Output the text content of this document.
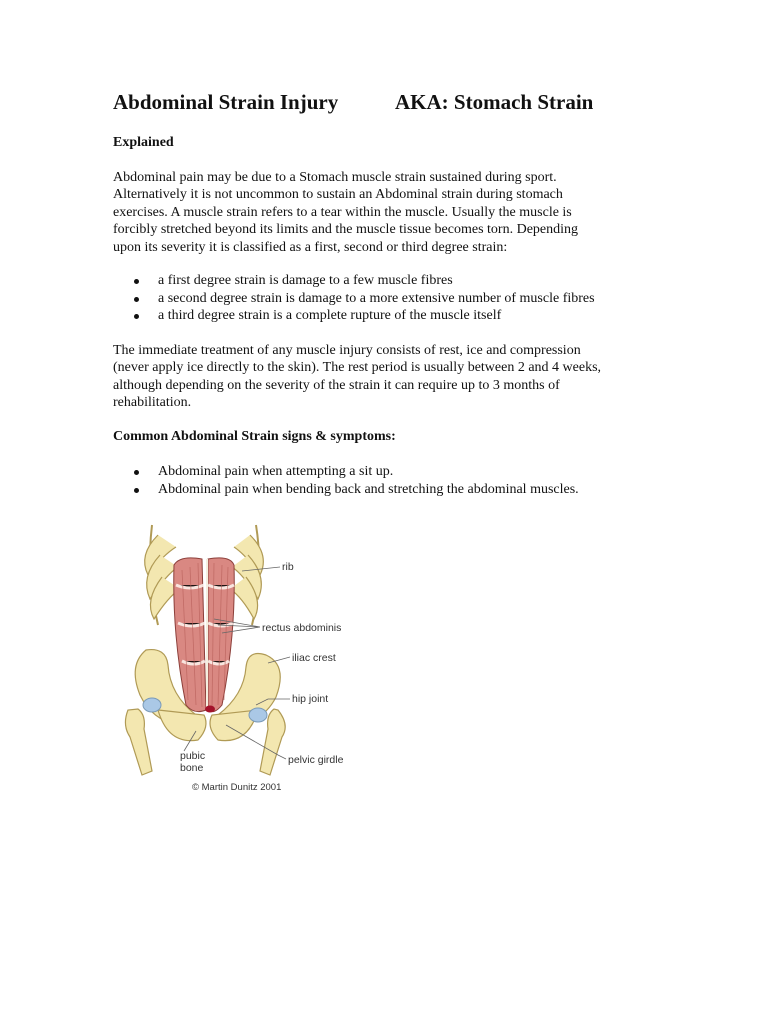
Abdominal Strain Injury	AKA: Stomach Strain
Explained
Abdominal pain may be due to a Stomach muscle strain sustained during sport.
Alternatively it is not uncommon to sustain an Abdominal strain during stomach
exercises. A muscle strain refers to a tear within the muscle. Usually the muscle is
forcibly stretched beyond its limits and the muscle tissue becomes torn. Depending
upon its severity it is classified as a first, second or third degree strain:
a first degree strain is damage to a few muscle fibres
a second degree strain is damage to a more extensive number of muscle fibres
a third degree strain is a complete rupture of the muscle itself
The immediate treatment of any muscle injury consists of rest, ice and compression
(never apply ice directly to the skin). The rest period is usually between 2 and 4 weeks,
although depending on the severity of the strain it can require up to 3 months of
rehabilitation.
Common Abdominal Strain signs & symptoms:
Abdominal pain when attempting a sit up.
Abdominal pain when bending back and stretching the abdominal muscles.
rib
rectus abdominis
iliac crest
hip joint
pubic
bone
pelvic girdle
© Martin Dunitz 2001
